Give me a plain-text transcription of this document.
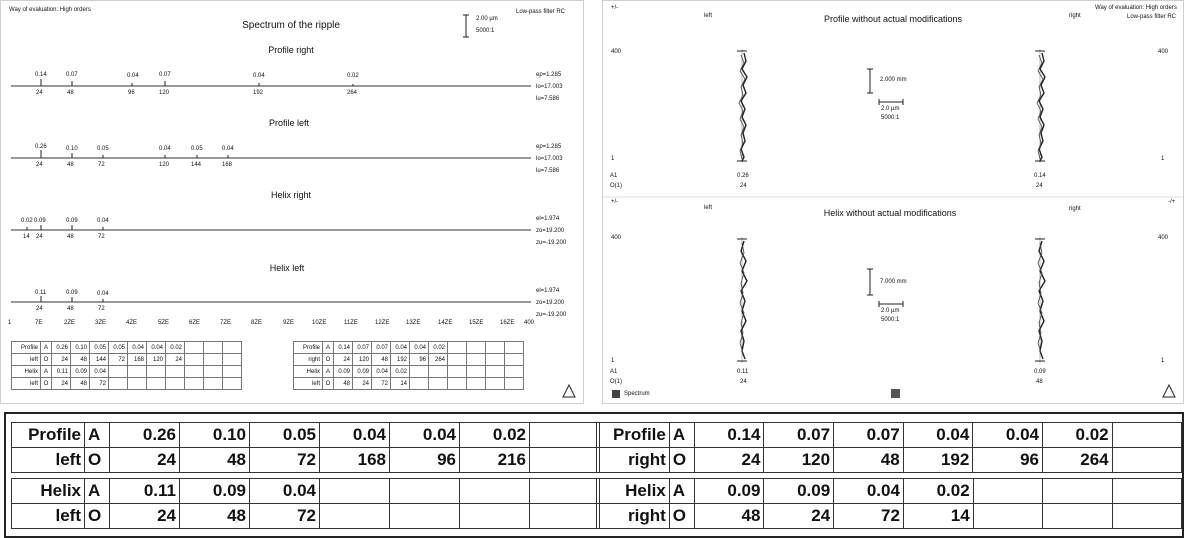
Way of evaluation: High orders	Low-pass filter RC
Spectrum of the ripple
2.00 µm
5000:1
Profile right
0.14	0.07	0.04	0.07	0.04	0.02
24	48	96	120	192	264
ep=1.285
lo=17.003
lu=7.586
Profile left
0.26	0.10	0.05	0.04	0.05	0.04
24	48	72	120	144	168
ep=1.285
lo=17.003
lu=7.586
Helix right
0.02 0.09	0.09	0.04
14 24	48	72
el=1.974
zo=19.200
zu=-19.200
Helix left
0.11	0.09	0.04
24	48	72
el=1.974
zo=19.200
zu=-19.200
1	7E	2ZE	3ZE	4ZE	5ZE	6ZE	7ZE	8ZE	9ZE	10ZE	11ZE	12ZE	13ZE	14ZE	15ZE	16ZE 400
Profile	A	0.26	0.10	0.05	0.05	0.04	0.04	0.02			
left	O	24	48	144	72	168	120	24			
Helix	A	0.11	0.09	0.04							
left	O	24	48	72							
Profile	A	0.14	0.07	0.07	0.04	0.04	0.02				
right	O	24	120	48	192	96	264				
Helix	A	0.09	0.09	0.04	0.02						
left	O	48	24	72	14						
Way of evaluation: High orders
Low-pass filter RC
+/-
left	right
Profile without actual modifications
400	400
1	1
2.000 mm
2.0 µm
5000:1
A1
O(1)
0.26
24
0.14
24
+/-	-/+
left	right
Helix without actual modifications
400	400
1	1
7.000 mm
2.0 µm
5000:1
A1
O(1)
0.11
24
0.09
48
Spectrum
Profile	A	0.26	0.10	0.05	0.04	0.04	0.02	
left	O	24	48	72	168	96	216	
Helix	A	0.11	0.09	0.04				
left	O	24	48	72				
Profile	A	0.14	0.07	0.07	0.04	0.04	0.02	
right	O	24	120	48	192	96	264	
Helix	A	0.09	0.09	0.04	0.02			
right	O	48	24	72	14			
